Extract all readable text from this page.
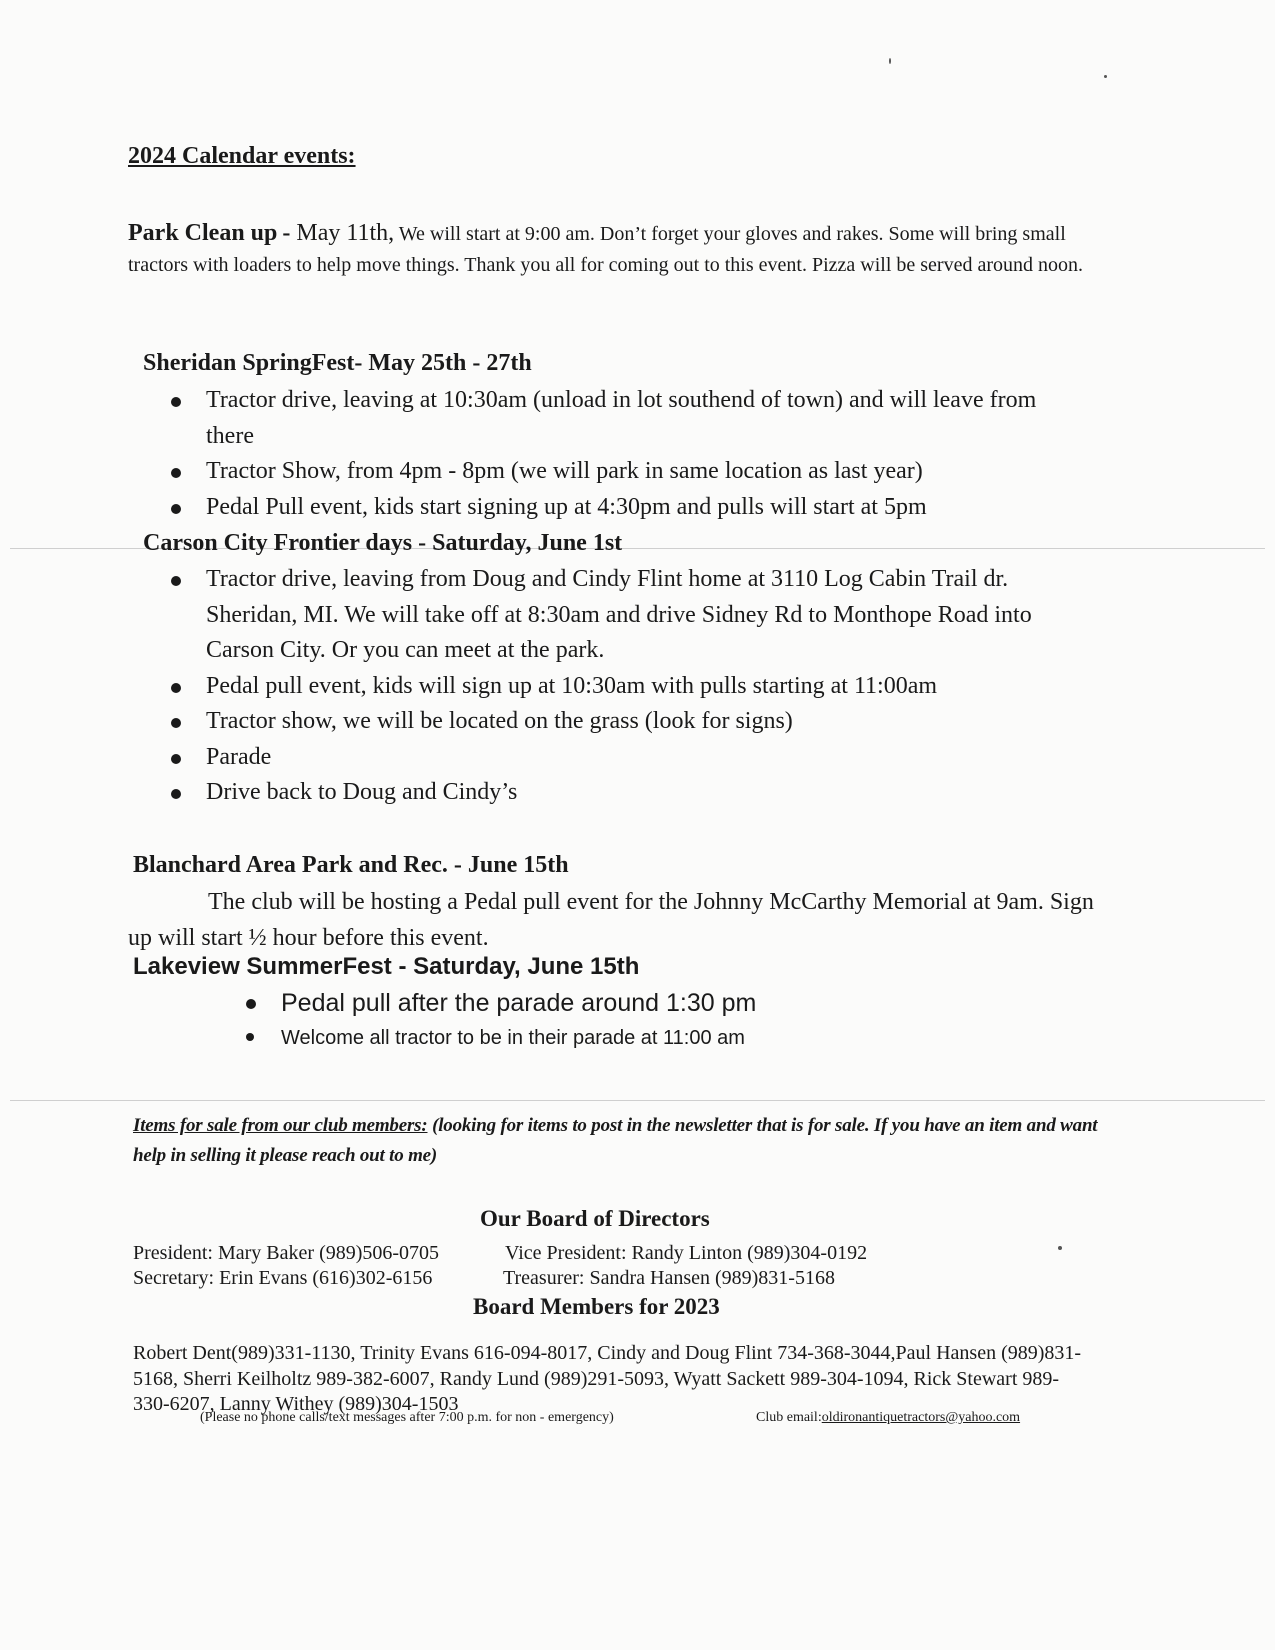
2024 Calendar events:
Park Clean up - May 11th, We will start at 9:00 am. Don’t forget your gloves and rakes. Some will bring small tractors with loaders to help move things. Thank you all for coming out to this event. Pizza will be served around noon.
Sheridan SpringFest- May 25th - 27th
Tractor drive, leaving at 10:30am (unload in lot southend of town) and will leave from there
Tractor Show, from 4pm - 8pm (we will park in same location as last year)
Pedal Pull event, kids start signing up at 4:30pm and pulls will start at 5pm
Carson City Frontier days - Saturday, June 1st
Tractor drive, leaving from Doug and Cindy Flint home at 3110 Log Cabin Trail dr. Sheridan, MI. We will take off at 8:30am and drive Sidney Rd to Monthope Road into Carson City. Or you can meet at the park.
Pedal pull event, kids will sign up at 10:30am with pulls starting at 11:00am
Tractor show, we will be located on the grass (look for signs)
Parade
Drive back to Doug and Cindy’s
Blanchard Area Park and Rec. - June 15th
The club will be hosting a Pedal pull event for the Johnny McCarthy Memorial at 9am. Sign up will start ½ hour before this event.
Lakeview SummerFest - Saturday, June 15th
Pedal pull after the parade around 1:30 pm
Welcome all tractor to be in their parade at 11:00 am
Items for sale from our club members: (looking for items to post in the newsletter that is for sale. If you have an item and want help in selling it please reach out to me)
Our Board of Directors
President: Mary Baker (989)506-0705	Vice President: Randy Linton (989)304-0192
Secretary: Erin Evans (616)302-6156	Treasurer: Sandra Hansen (989)831-5168
Board Members for 2023
Robert Dent(989)331-1130, Trinity Evans 616-094-8017, Cindy and Doug Flint 734-368-3044,Paul Hansen (989)831-5168, Sherri Keilholtz 989-382-6007, Randy Lund (989)291-5093, Wyatt Sackett 989-304-1094, Rick Stewart 989-330-6207, Lanny Withey (989)304-1503
(Please no phone calls/text messages after 7:00 p.m. for non - emergency)	Club email:oldironantiquetractors@yahoo.com
